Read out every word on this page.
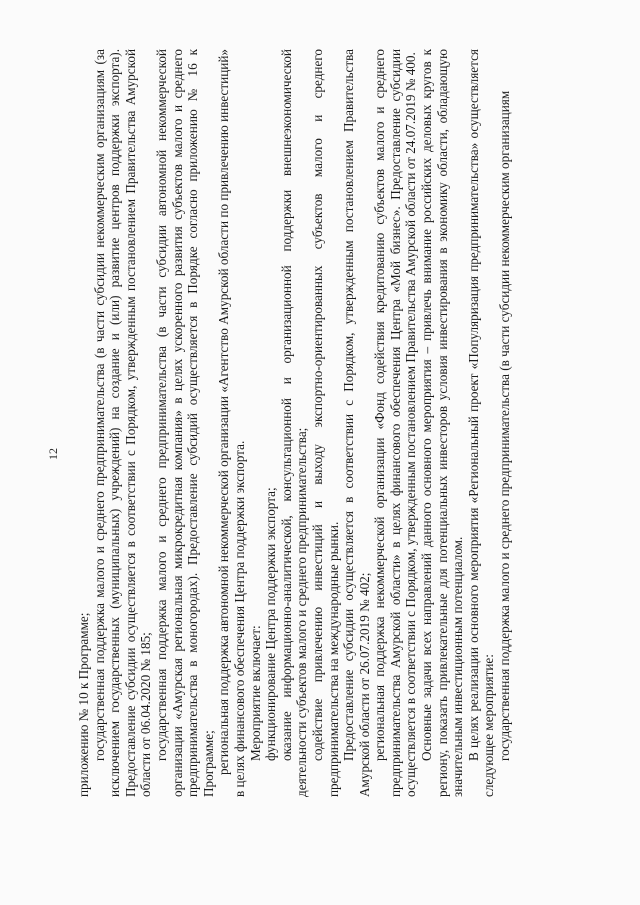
12

приложению № 10 к Программе; государственная поддержка малого и среднего предпринимательства (в части субсидии некоммерческим организациям (за исключением государственных (муниципальных) учреждений) на создание и (или) развитие центров поддержки экспорта). Предоставление субсидии осуществляется в соответствии с Порядком, утвержденным постановлением Правительства Амурской области от 06.04.2020 № 185; государственная поддержка малого и среднего предпринимательства (в части субсидии автономной некоммерческой организации «Амурская региональная микрокредитная компания» в целях ускоренного развития субъектов малого и среднего предпринимательства в моногородах). Предоставление субсидий осуществляется в Порядке согласно приложению № 16 к Программе; региональная поддержка автономной некоммерческой организации «Агентство Амурской области по привлечению инвестиций» в целях финансового обеспечения Центра поддержки экспорта. Мероприятие включает: функционирование Центра поддержки экспорта; оказание информационно-аналитической, консультационной и организационной поддержки внешнеэкономической деятельности субъектов малого и среднего предпринимательства; содействие привлечению инвестиций и выходу экспортно-ориентированных субъектов малого и среднего предпринимательства на международные рынки. Предоставление субсидии осуществляется в соответствии с Порядком, утвержденным постановлением Правительства Амурской области от 26.07.2019 № 402; региональная поддержка некоммерческой организации «Фонд содействия кредитованию субъектов малого и среднего предпринимательства Амурской области» в целях финансового обеспечения Центра «Мой бизнес». Предоставление субсидии осуществляется в соответствии с Порядком, утвержденным постановлением Правительства Амурской области от 24.07.2019 № 400. Основные задачи всех направлений данного основного мероприятия – привлечь внимание российских деловых кругов к региону, показать привлекательные для потенциальных инвесторов условия инвестирования в экономику области, обладающую значительным инвестиционным потенциалом. В целях реализации основного мероприятия «Региональный проект «Популяризация предпринимательства» осуществляется следующее мероприятие: государственная поддержка малого и среднего предпринимательства (в части субсидии некоммерческим организациям
